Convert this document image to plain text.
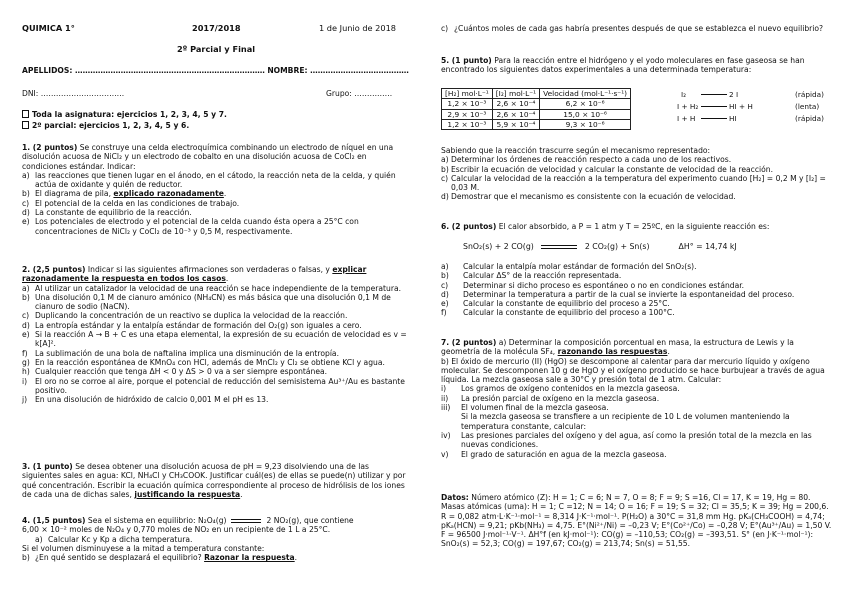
QUIMICA 1°	2017/2018	1 de Junio de 2018
2º Parcial y Final
APELLIDOS: ………………………………………………………………… NOMBRE: …………………………………
DNI: ……………………………	Grupo: ……………
Toda la asignatura: ejercicios 1, 2, 3, 4, 5 y 7.
2º parcial: ejercicios 1, 2, 3, 4, 5 y 6.
1. (2 puntos) Se construye una celda electroquímica combinando un electrodo de níquel en una disolución acuosa de NiCl₂ y un electrodo de cobalto en una disolución acuosa de CoCl₂ en condiciones estándar. Indicar:
a) las reacciones que tienen lugar en el ánodo, en el cátodo, la reacción neta de la celda, y quién actúa de oxidante y quién de reductor.
b) El diagrama de pila, explicado razonadamente.
c) El potencial de la celda en las condiciones de trabajo.
d) La constante de equilibrio de la reacción.
e) Los potenciales de electrodo y el potencial de la celda cuando ésta opera a 25°C con concentraciones de NiCl₂ y CoCl₂ de 10⁻³ y 0,5 M, respectivamente.
2. (2,5 puntos) Indicar si las siguientes afirmaciones son verdaderas o falsas, y explicar razonadamente la respuesta en todos los casos.
a) Al utilizar un catalizador la velocidad de una reacción se hace independiente de la temperatura.
b) Una disolución 0,1 M de cianuro amónico (NH₄CN) es más básica que una disolución 0,1 M de cianuro de sodio (NaCN).
c) Duplicando la concentración de un reactivo se duplica la velocidad de la reacción.
d) La entropía estándar y la entalpía estándar de formación del O₂(g) son iguales a cero.
e) Si la reacción A → B + C es una etapa elemental, la expresión de su ecuación de velocidad es v = k[A]².
f) La sublimación de una bola de naftalina implica una disminución de la entropía.
g) En la reacción espontánea de KMnO₄ con HCl, además de MnCl₂ y Cl₂ se obtiene KCl y agua.
h) Cualquier reacción que tenga ΔH < 0 y ΔS > 0 va a ser siempre espontánea.
i)	El oro no se corroe al aire, porque el potencial de reducción del semisistema Au³⁺/Au es bastante positivo.
j)	En una disolución de hidróxido de calcio 0,001 M el pH es 13.
3. (1 punto) Se desea obtener una disolución acuosa de pH = 9,23 disolviendo una de las siguientes sales en agua: KCl, NH₄Cl y CH₃COOK. Justificar cuál(es) de ellas se puede(n) utilizar y por qué concentración. Escribir la ecuación química correspondiente al proceso de hidrólisis de los iones de cada una de dichas sales, justificando la respuesta.
4. (1,5 puntos) Sea el sistema en equilibrio: N₂O₄(g)	2 NO₂(g), que contiene
6,00 × 10⁻² moles de N₂O₄ y 0,770 moles de NO₂ en un recipiente de 1 L a 25°C.
a) Calcular Kc y Kp a dicha temperatura.
Si el volumen disminuyese a la mitad a temperatura constante:
b) ¿En qué sentido se desplazará el equilibrio? Razonar la respuesta.
c) ¿Cuántos moles de cada gas habría presentes después de que se establezca el nuevo equilibrio?
5. (1 punto) Para la reacción entre el hidrógeno y el yodo moleculares en fase gaseosa se han encontrado los siguientes datos experimentales a una determinada temperatura:
[H₂] mol·L⁻¹	[I₂] mol·L⁻¹	Velocidad (mol·L⁻¹·s⁻¹)
1,2 × 10⁻³	2,6 × 10⁻⁴	6,2 × 10⁻⁶
2,9 × 10⁻³	2,6 × 10⁻⁴	15,0 × 10⁻⁶
1,2 × 10⁻³	5,9 × 10⁻⁴	9,3 × 10⁻⁶
I₂	2 I	(rápida)
I + H₂	HI + H	(lenta)
I + H	HI	(rápida)
Sabiendo que la reacción trascurre según el mecanismo representado:
a) Determinar los órdenes de reacción respecto a cada uno de los reactivos.
b) Escribir la ecuación de velocidad y calcular la constante de velocidad de la reacción.
c) Calcular la velocidad de la reacción a la temperatura del experimento cuando [H₂] = 0,2 M y [I₂] = 0,03 M.
d) Demostrar que el mecanismo es consistente con la ecuación de velocidad.
6. (2 puntos) El calor absorbido, a P = 1 atm y T = 25ºC, en la siguiente reacción es:
SnO₂(s) + 2 CO(g)	2 CO₂(g) + Sn(s)	ΔH° = 14,74 kJ
a)	Calcular la entalpía molar estándar de formación del SnO₂(s).
b)	Calcular ΔS° de la reacción representada.
c)	Determinar si dicho proceso es espontáneo o no en condiciones estándar.
d)	Determinar la temperatura a partir de la cual se invierte la espontaneidad del proceso.
e)	Calcular la constante de equilibrio del proceso a 25°C.
f)	Calcular la constante de equilibrio del proceso a 100°C.
7. (2 puntos) a) Determinar la composición porcentual en masa, la estructura de Lewis y la geometría de la molécula SF₄, razonando las respuestas.
b) El óxido de mercurio (II) (HgO) se descompone al calentar para dar mercurio líquido y oxígeno molecular. Se descomponen 10 g de HgO y el oxígeno producido se hace burbujear a través de agua líquida. La mezcla gaseosa sale a 30°C y presión total de 1 atm. Calcular:
i)	Los gramos de oxígeno contenidos en la mezcla gaseosa.
ii)	La presión parcial de oxígeno en la mezcla gaseosa.
iii)	El volumen final de la mezcla gaseosa.
Si la mezcla gaseosa se transfiere a un recipiente de 10 L de volumen manteniendo la temperatura constante, calcular:
iv)	Las presiones parciales del oxígeno y del agua, así como la presión total de la mezcla en las nuevas condiciones.
v)	El grado de saturación en agua de la mezcla gaseosa.
Datos: Número atómico (Z): H = 1; C = 6; N = 7, O = 8; F = 9; S =16, Cl = 17, K = 19, Hg = 80. Masas atómicas (uma): H = 1; C =12; N = 14; O = 16; F = 19; S = 32; Cl = 35,5; K = 39; Hg = 200,6. R = 0,082 atm·L·K⁻¹·mol⁻¹ = 8,314 J·K⁻¹·mol⁻¹. P(H₂O) a 30°C = 31,8 mm Hg. pKₐ(CH₃COOH) = 4,74; pKₐ(HCN) = 9,21; pKb(NH₃) = 4,75. E°(Ni²⁺/Ni) = –0,23 V; E°(Co²⁺/Co) = –0,28 V; E°(Au³⁺/Au) = 1,50 V. F = 96500 J·mol⁻¹·V⁻¹. ΔH°f (en kJ·mol⁻¹): CO(g) = –110,53; CO₂(g) = –393,51. S° (en J·K⁻¹·mol⁻¹): SnO₂(s) = 52,3; CO(g) = 197,67; CO₂(g) = 213,74; Sn(s) = 51,55.
